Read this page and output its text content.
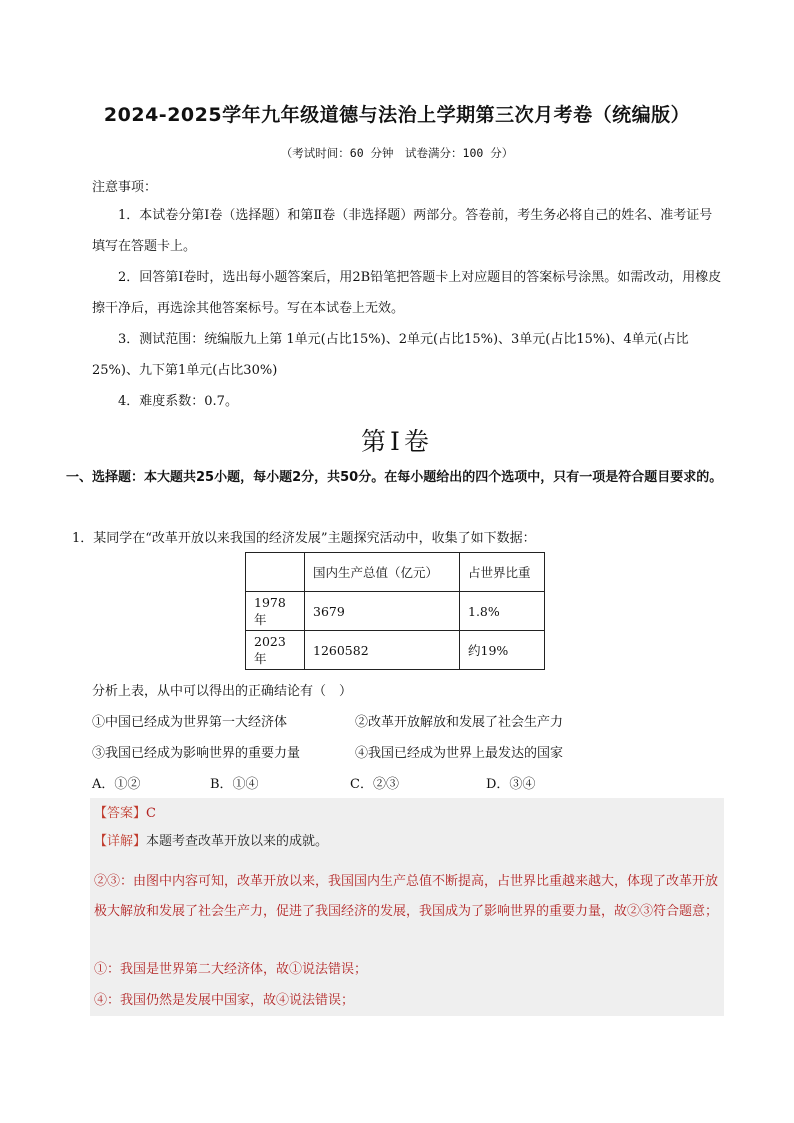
2024-2025学年九年级道德与法治上学期第三次月考卷（统编版）
（考试时间：60 分钟　试卷满分：100 分）
注意事项：
1．本试卷分第Ⅰ卷（选择题）和第Ⅱ卷（非选择题）两部分。答卷前，考生务必将自己的姓名、准考证号填写在答题卡上。
2．回答第Ⅰ卷时，选出每小题答案后，用2B铅笔把答题卡上对应题目的答案标号涂黑。如需改动，用橡皮擦干净后，再选涂其他答案标号。写在本试卷上无效。
3．测试范围：统编版九上第 1单元(占比15%)、2单元(占比15%)、3单元(占比15%)、4单元(占比25%)、九下第1单元(占比30%)
4．难度系数：0.7。
第Ⅰ卷
一、选择题：本大题共25小题，每小题2分，共50分。在每小题给出的四个选项中，只有一项是符合题目要求的。
1．某同学在“改革开放以来我国的经济发展”主题探究活动中，收集了如下数据：
	国内生产总值（亿元）	占世界比重
1978年	3679	1.8%
2023年	1260582	约19%
分析上表，从中可以得出的正确结论有（　）
①中国已经成为世界第一大经济体	②改革开放解放和发展了社会生产力
③我国已经成为影响世界的重要力量	④我国已经成为世界上最发达的国家
A．①②	B．①④	C．②③	D．③④
【答案】C
【详解】本题考查改革开放以来的成就。
②③：由图中内容可知，改革开放以来，我国国内生产总值不断提高，占世界比重越来越大，体现了改革开放极大解放和发展了社会生产力，促进了我国经济的发展，我国成为了影响世界的重要力量，故②③符合题意；
①：我国是世界第二大经济体，故①说法错误；
④：我国仍然是发展中国家，故④说法错误；
